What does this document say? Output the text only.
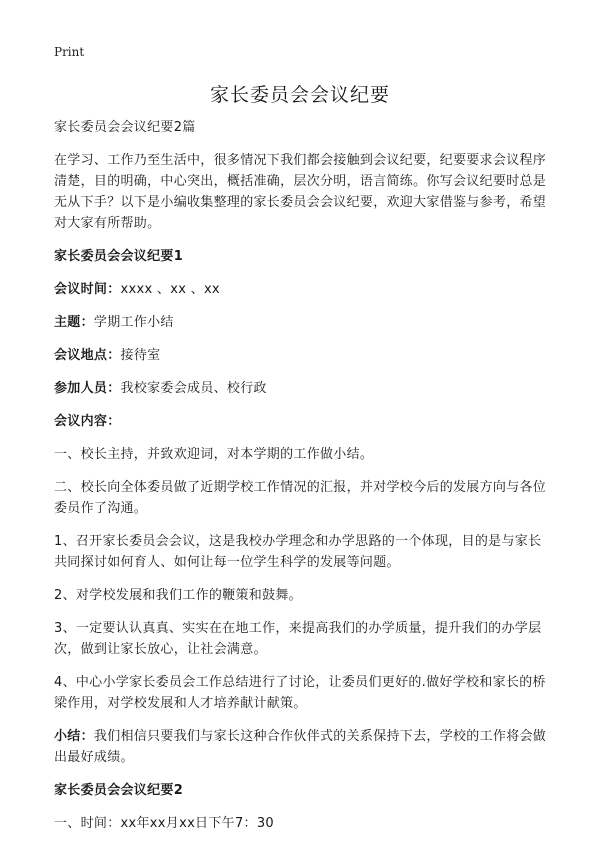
Print
家长委员会会议纪要

家长委员会会议纪要2篇

在学习、工作乃至生活中，很多情况下我们都会接触到会议纪要，纪要要求会议程序清楚，目的明确，中心突出，概括准确，层次分明，语言简练。你写会议纪要时总是无从下手？以下是小编收集整理的家长委员会会议纪要，欢迎大家借鉴与参考，希望对大家有所帮助。

家长委员会会议纪要1

会议时间：xxxx 、xx 、xx

主题：学期工作小结

会议地点：接待室

参加人员：我校家委会成员、校行政

会议内容：

一、校长主持，并致欢迎词，对本学期的工作做小结。

二、校长向全体委员做了近期学校工作情况的汇报，并对学校今后的发展方向与各位委员作了沟通。

1、召开家长委员会会议，这是我校办学理念和办学思路的一个体现，目的是与家长共同探讨如何育人、如何让每一位学生科学的发展等问题。

2、对学校发展和我们工作的鞭策和鼓舞。

3、一定要认认真真、实实在在地工作，来提高我们的办学质量，提升我们的办学层次，做到让家长放心，让社会满意。

4、中心小学家长委员会工作总结进行了讨论，让委员们更好的.做好学校和家长的桥梁作用，对学校发展和人才培养献计献策。

小结：我们相信只要我们与家长这种合作伙伴式的关系保持下去，学校的工作将会做出最好成绩。

家长委员会会议纪要2

一、时间：xx年xx月xx日下午7：30
